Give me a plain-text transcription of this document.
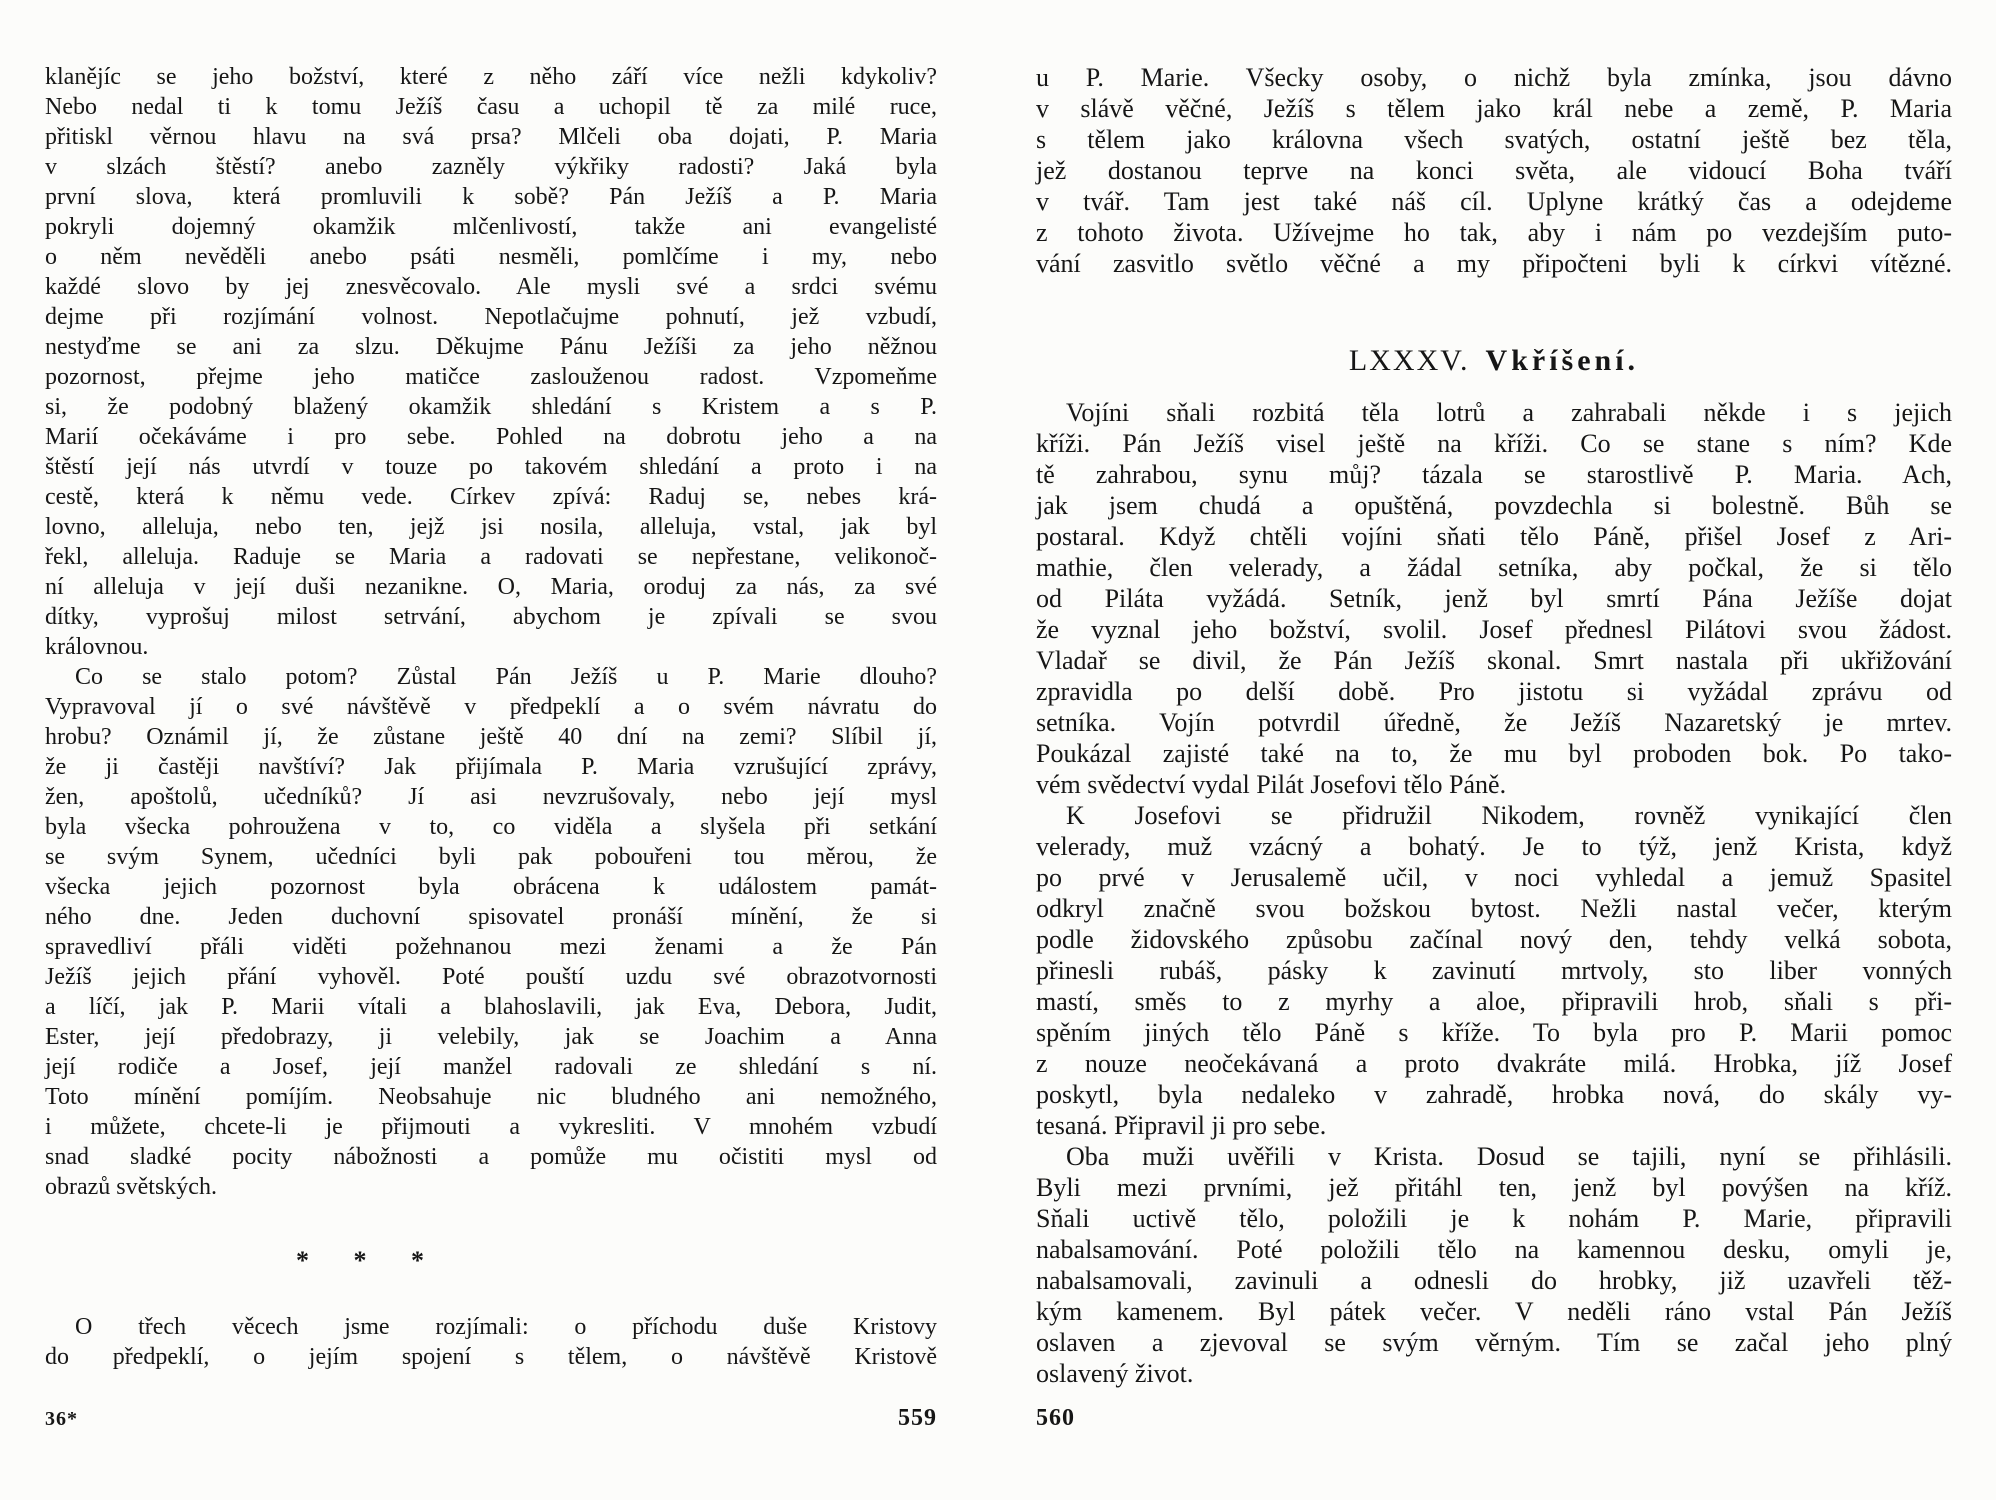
klanějíc se jeho božství, které z něho září více nežli kdykoliv?
Nebo nedal ti k tomu Ježíš času a uchopil tě za milé ruce,
přitiskl věrnou hlavu na svá prsa? Mlčeli oba dojati, P. Maria
v slzách štěstí? anebo zazněly výkřiky radosti? Jaká byla
první slova, která promluvili k sobě? Pán Ježíš a P. Maria
pokryli dojemný okamžik mlčenlivostí, takže ani evangelisté
o něm nevěděli anebo psáti nesměli, pomlčíme i my, nebo
každé slovo by jej znesvěcovalo. Ale mysli své a srdci svému
dejme při rozjímání volnost. Nepotlačujme pohnutí, jež vzbudí,
nestyďme se ani za slzu. Děkujme Pánu Ježíši za jeho něžnou
pozornost, přejme jeho matičce zaslouženou radost. Vzpomeňme
si, že podobný blažený okamžik shledání s Kristem a s P.
Marií očekáváme i pro sebe. Pohled na dobrotu jeho a na
štěstí její nás utvrdí v touze po takovém shledání a proto i na
cestě, která k němu vede. Církev zpívá: Raduj se, nebes krá-
lovno, alleluja, nebo ten, jejž jsi nosila, alleluja, vstal, jak byl
řekl, alleluja. Raduje se Maria a radovati se nepřestane, velikonoč-
ní alleluja v její duši nezanikne. O, Maria, oroduj za nás, za své
dítky, vyprošuj milost setrvání, abychom je zpívali se svou
královnou.
Co se stalo potom? Zůstal Pán Ježíš u P. Marie dlouho?
Vypravoval jí o své návštěvě v předpeklí a o svém návratu do
hrobu? Oznámil jí, že zůstane ještě 40 dní na zemi? Slíbil jí,
že ji častěji navštíví? Jak přijímala P. Maria vzrušující zprávy,
žen, apoštolů, učedníků? Jí asi nevzrušovaly, nebo její mysl
byla všecka pohroužena v to, co viděla a slyšela při setkání
se svým Synem, učedníci byli pak pobouřeni tou měrou, že
všecka jejich pozornost byla obrácena k událostem památ-
ného dne. Jeden duchovní spisovatel pronáší mínění, že si
spravedliví přáli viděti požehnanou mezi ženami a že Pán
Ježíš jejich přání vyhověl. Poté pouští uzdu své obrazotvornosti
a líčí, jak P. Marii vítali a blahoslavili, jak Eva, Debora, Judit,
Ester, její předobrazy, ji velebily, jak se Joachim a Anna
její rodiče a Josef, její manžel radovali ze shledání s ní.
Toto mínění pomíjím. Neobsahuje nic bludného ani nemožného,
i můžete, chcete-li je přijmouti a vykresliti. V mnohém vzbudí
snad sladké pocity nábožnosti a pomůže mu očistiti mysl od
obrazů světských.
* * *
O třech věcech jsme rozjímali: o příchodu duše Kristovy
do předpeklí, o jejím spojení s tělem, o návštěvě Kristově
36*	559
u P. Marie. Všecky osoby, o nichž byla zmínka, jsou dávno
v slávě věčné, Ježíš s tělem jako král nebe a země, P. Maria
s tělem jako královna všech svatých, ostatní ještě bez těla,
jež dostanou teprve na konci světa, ale vidoucí Boha tváří
v tvář. Tam jest také náš cíl. Uplyne krátký čas a odejdeme
z tohoto života. Užívejme ho tak, aby i nám po vezdejším puto-
vání zasvitlo světlo věčné a my připočteni byli k církvi vítězné.
LXXXV. Vkříšení.
Vojíni sňali rozbitá těla lotrů a zahrabali někde i s jejich
kříži. Pán Ježíš visel ještě na kříži. Co se stane s ním? Kde
tě zahrabou, synu můj? tázala se starostlivě P. Maria. Ach,
jak jsem chudá a opuštěná, povzdechla si bolestně. Bůh se
postaral. Když chtěli vojíni sňati tělo Páně, přišel Josef z Ari-
mathie, člen velerady, a žádal setníka, aby počkal, že si tělo
od Piláta vyžádá. Setník, jenž byl smrtí Pána Ježíše dojat
že vyznal jeho božství, svolil. Josef přednesl Pilátovi svou žádost.
Vladař se divil, že Pán Ježíš skonal. Smrt nastala při ukřižování
zpravidla po delší době. Pro jistotu si vyžádal zprávu od
setníka. Vojín potvrdil úředně, že Ježíš Nazaretský je mrtev.
Poukázal zajisté také na to, že mu byl proboden bok. Po tako-
vém svědectví vydal Pilát Josefovi tělo Páně.
K Josefovi se přidružil Nikodem, rovněž vynikající člen
velerady, muž vzácný a bohatý. Je to týž, jenž Krista, když
po prvé v Jerusalemě učil, v noci vyhledal a jemuž Spasitel
odkryl značně svou božskou bytost. Nežli nastal večer, kterým
podle židovského způsobu začínal nový den, tehdy velká sobota,
přinesli rubáš, pásky k zavinutí mrtvoly, sto liber vonných
mastí, směs to z myrhy a aloe, připravili hrob, sňali s při-
spěním jiných tělo Páně s kříže. To byla pro P. Marii pomoc
z nouze neočekávaná a proto dvakráte milá. Hrobka, jíž Josef
poskytl, byla nedaleko v zahradě, hrobka nová, do skály vy-
tesaná. Připravil ji pro sebe.
Oba muži uvěřili v Krista. Dosud se tajili, nyní se přihlásili.
Byli mezi prvními, jež přitáhl ten, jenž byl povýšen na kříž.
Sňali uctivě tělo, položili je k nohám P. Marie, připravili
nabalsamování. Poté položili tělo na kamennou desku, omyli je,
nabalsamovali, zavinuli a odnesli do hrobky, již uzavřeli těž-
kým kamenem. Byl pátek večer. V neděli ráno vstal Pán Ježíš
oslaven a zjevoval se svým věrným. Tím se začal jeho plný
oslavený život.
560
